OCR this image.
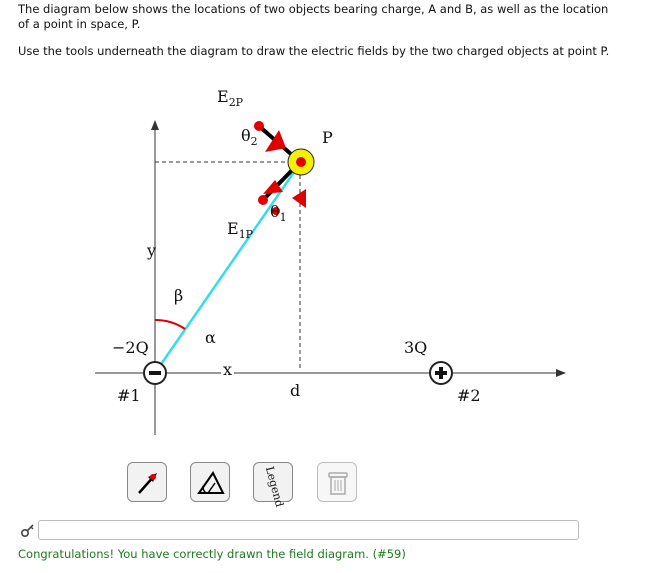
The diagram below shows the locations of two objects bearing charge, A and B, as well as the location of a point in space, P.
Use the tools underneath the diagram to draw the electric fields by the two charged objects at point P.
$E_{2P}$
$\theta_2$	P
$\theta_1$
$E_{1P}$
y
β
α
−2Q	3Q
x
d
#1	#2
Legend
Congratulations! You have correctly drawn the field diagram. (#59)
